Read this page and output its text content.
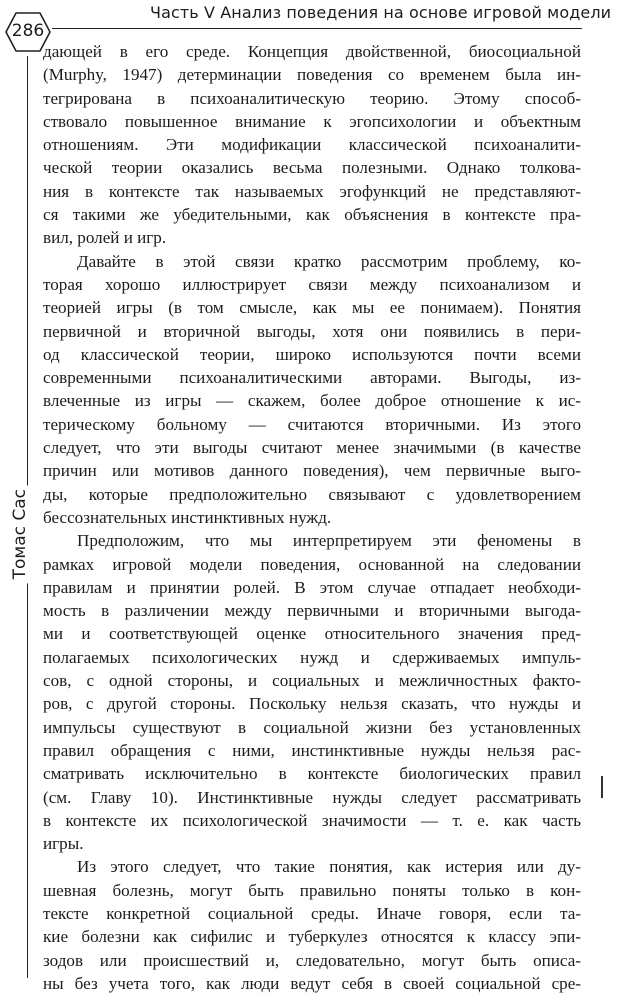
286
Часть V Анализ поведения на основе игровой модели
Томас Сас
дающей в его среде. Концепция двойственной, биосоциальной
(Murphy, 1947) детерминации поведения со временем была ин-
тегрирована в психоаналитическую теорию. Этому способ-
ствовало повышенное внимание к эгопсихологии и объектным
отношениям. Эти модификации классической психоаналити-
ческой теории оказались весьма полезными. Однако толкова-
ния в контексте так называемых эгофункций не представляют-
ся такими же убедительными, как объяснения в контексте пра-
вил, ролей и игр.
Давайте в этой связи кратко рассмотрим проблему, ко-
торая хорошо иллюстрирует связи между психоанализом и
теорией игры (в том смысле, как мы ее понимаем). Понятия
первичной и вторичной выгоды, хотя они появились в пери-
од классической теории, широко используются почти всеми
современными психоаналитическими авторами. Выгоды, из-
влеченные из игры — скажем, более доброе отношение к ис-
терическому больному — считаются вторичными. Из этого
следует, что эти выгоды считают менее значимыми (в качестве
причин или мотивов данного поведения), чем первичные выго-
ды, которые предположительно связывают с удовлетворением
бессознательных инстинктивных нужд.
Предположим, что мы интерпретируем эти феномены в
рамках игровой модели поведения, основанной на следовании
правилам и принятии ролей. В этом случае отпадает необходи-
мость в различении между первичными и вторичными выгода-
ми и соответствующей оценке относительного значения пред-
полагаемых психологических нужд и сдерживаемых импуль-
сов, с одной стороны, и социальных и межличностных факто-
ров, с другой стороны. Поскольку нельзя сказать, что нужды и
импульсы существуют в социальной жизни без установленных
правил обращения с ними, инстинктивные нужды нельзя рас-
сматривать исключительно в контексте биологических правил
(см. Главу 10). Инстинктивные нужды следует рассматривать
в контексте их психологической значимости — т. е. как часть
игры.
Из этого следует, что такие понятия, как истерия или ду-
шевная болезнь, могут быть правильно поняты только в кон-
тексте конкретной социальной среды. Иначе говоря, если та-
кие болезни как сифилис и туберкулез относятся к классу эпи-
зодов или происшествий и, следовательно, могут быть описа-
ны без учета того, как люди ведут себя в своей социальной сре-
